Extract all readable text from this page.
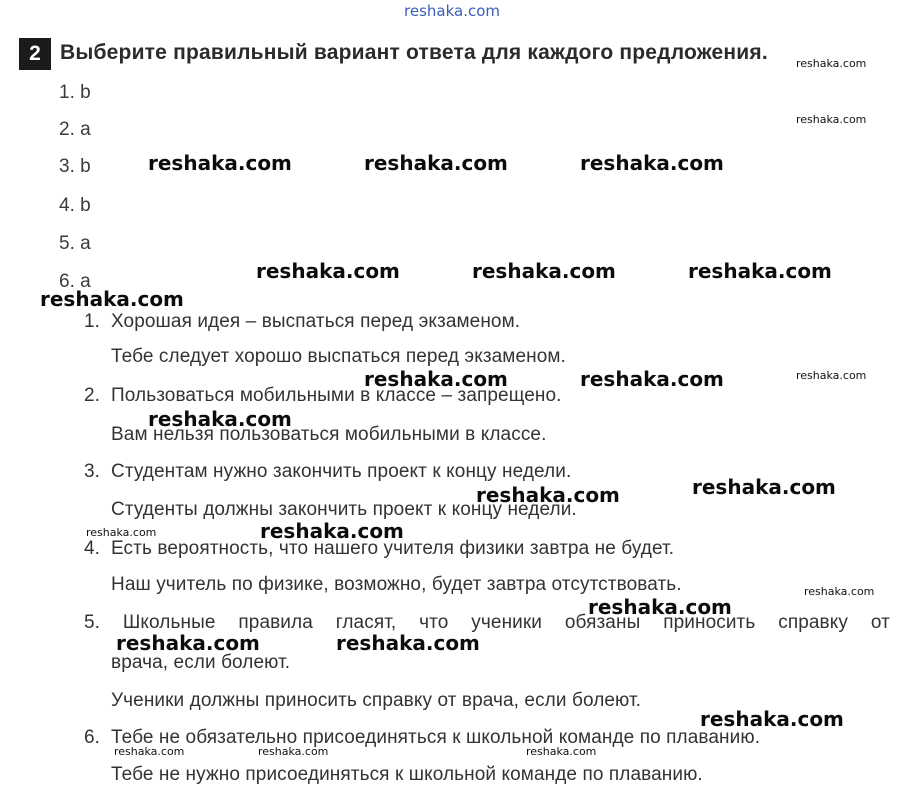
reshaka.com
2 Выберите правильный вариант ответа для каждого предложения.
1. b
2. a
3. b
4. b
5. a
6. a
1. Хорошая идея – выспаться перед экзаменом.
Тебе следует хорошо выспаться перед экзаменом.
2. Пользоваться мобильными в классе – запрещено.
Вам нельзя пользоваться мобильными в классе.
3. Студентам нужно закончить проект к концу недели.
Студенты должны закончить проект к концу недели.
4. Есть вероятность, что нашего учителя физики завтра не будет.
Наш учитель по физике, возможно, будет завтра отсутствовать.
5. Школьные правила гласят, что ученики обязаны приносить справку от
врача, если болеют.
Ученики должны приносить справку от врача, если болеют.
6. Тебе не обязательно присоединяться к школьной команде по плаванию.
Тебе не нужно присоединяться к школьной команде по плаванию.
reshaka.com	reshaka.com	reshaka.com
reshaka.com	reshaka.com	reshaka.com
reshaka.com
reshaka.com	reshaka.com
reshaka.com
reshaka.com
reshaka.com
reshaka.com
reshaka.com
reshaka.com	reshaka.com
reshaka.com
reshaka.com
reshaka.com
reshaka.com
reshaka.com
reshaka.com
reshaka.com	reshaka.com	reshaka.com
